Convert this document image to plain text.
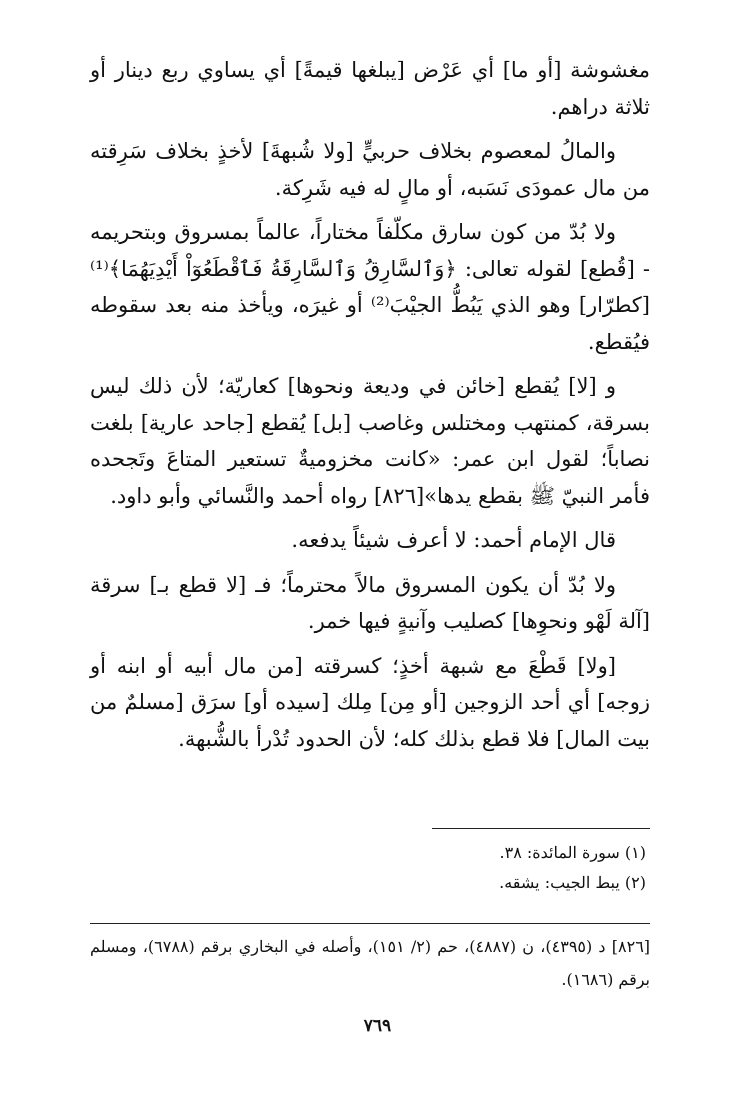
مغشوشة [أو ما] أي عَرْض [يبلغها قيمةً] أي يساوي ربع دينار أو ثلاثة دراهم.

والمالُ لمعصوم بخلاف حربيٍّ [ولا شُبهةَ] لأخذٍ بخلاف سَرِقته من مال عمودَى نَسَبه، أو مالٍ له فيه شَرِكة.

ولا بُدّ من كون سارق مكلّفاً مختاراً، عالماً بمسروق وبتحريمه - [قُطع] لقوله تعالى: ﴿وَٱلسَّارِقُ وَٱلسَّارِقَةُ فَٱقْطَعُوٓاْ أَيْدِيَهُمَا﴾⁽¹⁾ [كطرّار] وهو الذي يَبُطُّ الجيْبَ⁽²⁾ أو غيرَه، ويأخذ منه بعد سقوطه فيُقطع.

و [لا] يُقطع [خائن في وديعة ونحوها] كعاريّة؛ لأن ذلك ليس بسرقة، كمنتهب ومختلس وغاصب [بل] يُقطع [جاحد عارية] بلغت نصاباً؛ لقول ابن عمر: «كانت مخزوميةٌ تستعير المتاعَ وتَجحده فأمر النبيّ ﷺ بقطع يدها»[٨٢٦] رواه أحمد والنَّسائي وأبو داود.

قال الإمام أحمد: لا أعرف شيئاً يدفعه.

ولا بُدّ أن يكون المسروق مالاً محترماً؛ فـ [لا قطع بـ] سرقة [آلة لَهْو ونحوِها] كصليب وآنيةٍ فيها خمر.

[ولا] قَطْعَ مع شبهة أخذٍ؛ كسرقته [من مال أبيه أو ابنه أو زوجه] أي أحد الزوجين [أو مِن] مِلك [سيده أو] سرَق [مسلمٌ من بيت المال] فلا قطع بذلك كله؛ لأن الحدود تُدْرأ بالشُّبهة.

(١) سورة المائدة: ٣٨.

(٢) يبط الجيب: يشقه.

[٨٢٦] د (٤٣٩٥)، ن (٤٨٨٧)، حم (٢/ ١٥١)، وأصله في البخاري برقم (٦٧٨٨)، ومسلم برقم (١٦٨٦).

٧٦٩
